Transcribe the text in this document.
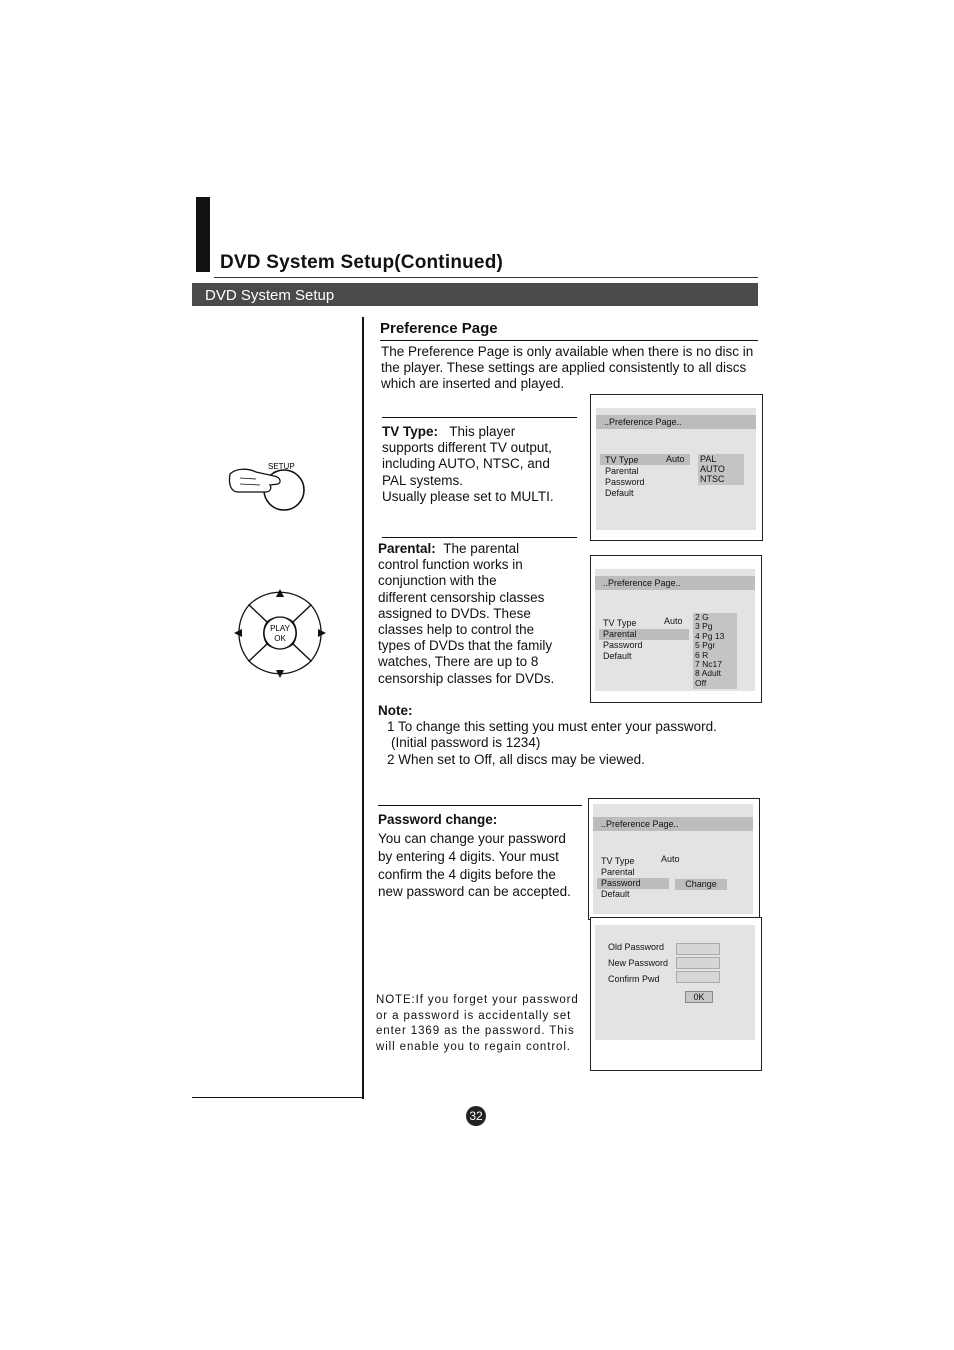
DVD System Setup(Continued)
DVD System Setup
SETUP
PLAY
OK
Preference Page
The Preference Page is only available when there is no disc in the player. These settings are applied consistently to all discs which are inserted and played.
TV Type: This player
supports different TV output,
including AUTO, NTSC, and
PAL systems.
Usually please set to MULTI.
..Preference Page..
TV Type	Auto
Parental
Password
Default
PAL
AUTO
NTSC
Parental: The parental
control function works in
conjunction with the
different censorship classes
assigned to DVDs. These
classes help to control the
types of DVDs that the family
watches, There are up to 8
censorship classes for DVDs.
..Preference Page..
TV Type	Auto
Parental
Password
Default
2 G
3 Pg
4 Pg 13
5 Pgr
6 R
7 Nc17
8 Adult
Off
Note:
1 To change this setting you must enter your password.
(Initial password is 1234)
2 When set to Off, all discs may be viewed.
Password change:
You can change your password
by entering 4 digits. Your must
confirm the 4 digits before the
new password can be accepted.
..Preference Page..
TV Type	Auto
Parental
Password
Default
Change
Old Password
New Password
Confirm Pwd
0K
NOTE:If you forget your password
or a password is accidentally set
enter 1369 as the password. This
will enable you to regain control.
32
